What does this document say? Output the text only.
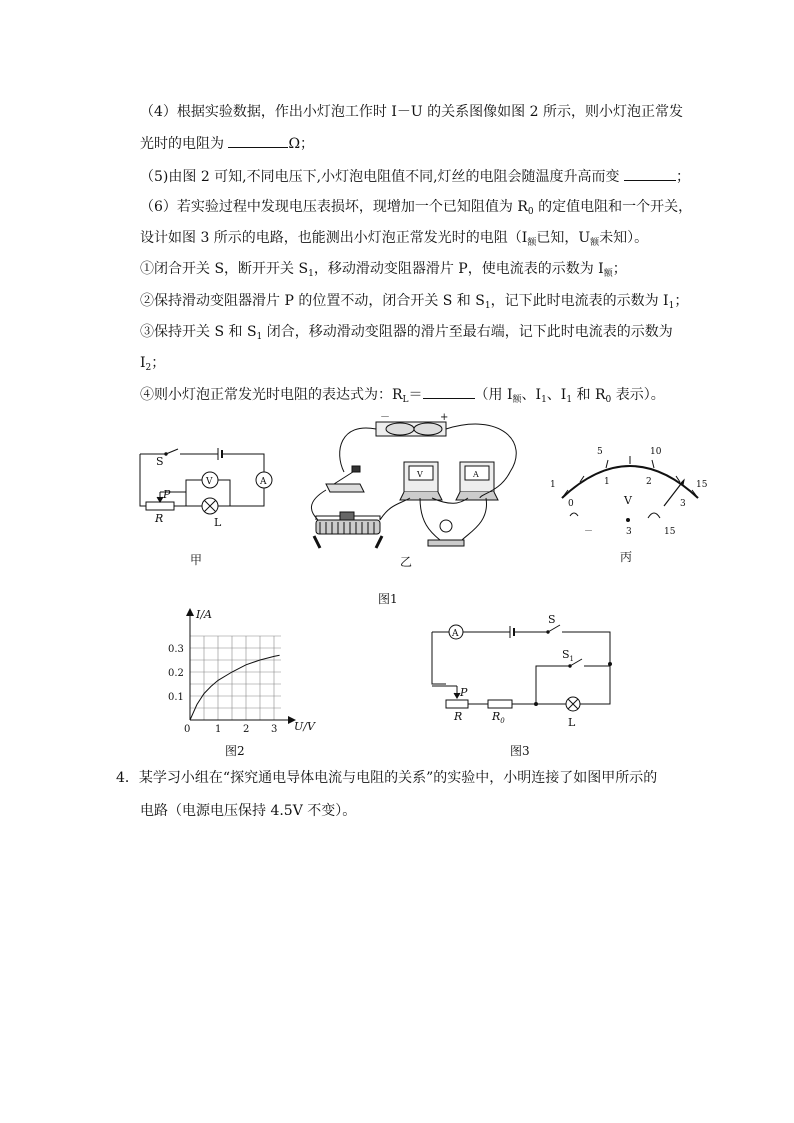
（4）根据实验数据，作出小灯泡工作时 I－U 的关系图像如图 2 所示，则小灯泡正常发
光时的电阻为	Ω；
（5)由图 2 可知,不同电压下,小灯泡电阻值不同,灯丝的电阻会随温度升高而变	；
（6）若实验过程中发现电压表损坏，现增加一个已知阻值为 $R_0$ 的定值电阻和一个开关，
设计如图 3 所示的电路，也能测出小灯泡正常发光时的电阻（$I_额$已知，$U_额$未知）。
①闭合开关 S，断开开关 $S_1$，移动滑动变阻器滑片 P，使电流表的示数为 $I_额$；
②保持滑动变阻器滑片 P 的位置不动，闭合开关 S 和 $S_1$，记下此时电流表的示数为 $I_1$；
③保持开关 S 和 $S_1$ 闭合，移动滑动变阻器的滑片至最右端，记下此时电流表的示数为
$I_2$；
④则小灯泡正常发光时电阻的表达式为：$R_L=$	（用 $I_额$、$I_1$、$I_1$ 和 $R_0$ 表示）。
S
P
R	L
V	A
－	+
V	A
5	10
1	15
0
1	2
3
V
－	3	15
甲	乙	丙
图1
1 2 3
0.1
0.2
0.3
I/A
U/V
0
图2
A
S
$S_1$
P
R	$R_0$	L
图3
4．某学习小组在“探究通电导体电流与电阻的关系”的实验中，小明连接了如图甲所示的
电路（电源电压保持 4.5V 不变）。
